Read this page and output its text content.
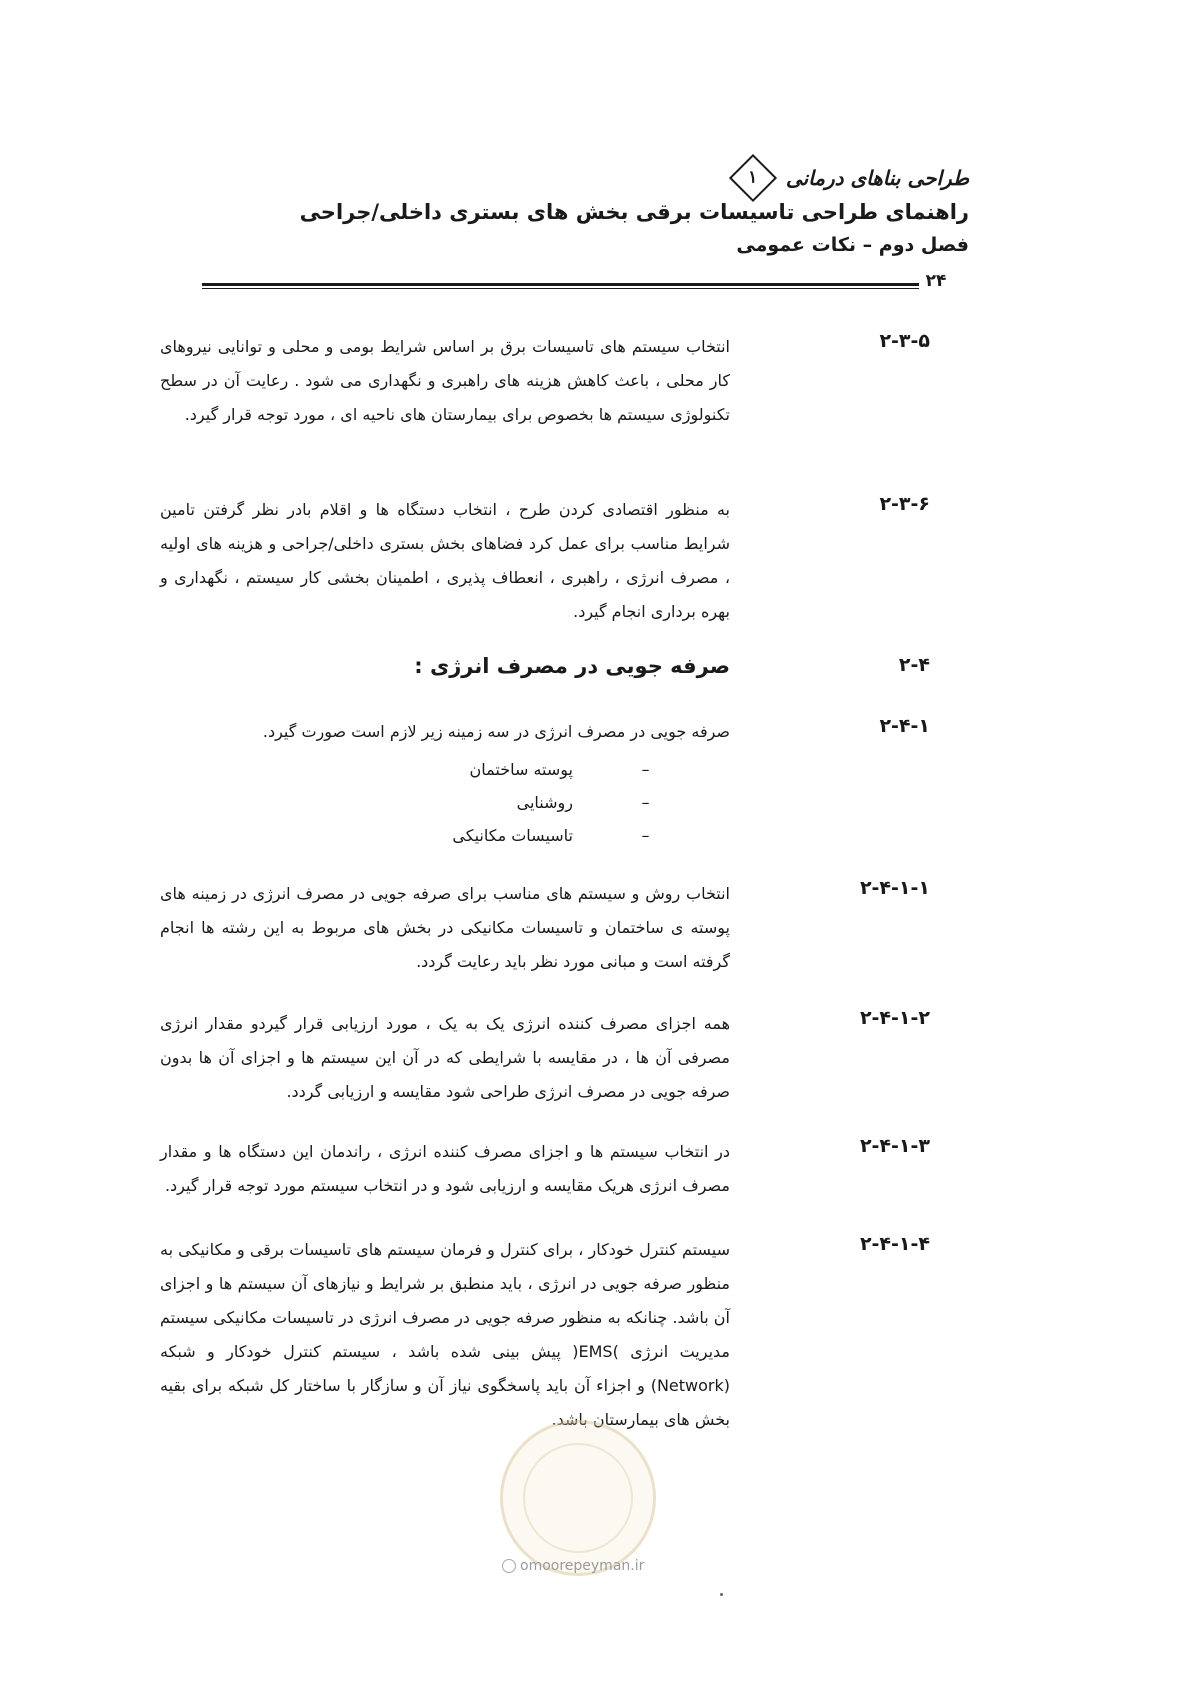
طراحی بناهای درمانی
۱
راهنمای طراحی تاسیسات برقی بخش های بستری داخلی/جراحی
فصل دوم – نکات عمومی
۲۴
۲-۳-۵
انتخاب سیستم های تاسیسات برق بر اساس شرایط بومی و محلی و توانایی نیروهای کار محلی ، باعث کاهش هزینه های راهبری و نگهداری می شود . رعایت آن در سطح تکنولوژی سیستم ها بخصوص برای بیمارستان های ناحیه ای ، مورد توجه قرار گیرد.
۲-۳-۶
به منظور اقتصادی کردن طرح ، انتخاب دستگاه ها و اقلام بادر نظر گرفتن تامین شرایط مناسب برای عمل کرد فضاهای بخش بستری داخلی/جراحی و هزینه های اولیه ، مصرف انرژی ، راهبری ، انعطاف پذیری ، اطمینان بخشی کار سیستم ، نگهداری و بهره برداری انجام گیرد.
۲-۴
صرفه جویی در مصرف انرژی :
۲-۴-۱
صرفه جویی در مصرف انرژی در سه زمینه زیر لازم است صورت گیرد.
–
پوسته ساختمان
–
روشنایی
–
تاسیسات مکانیکی
۲-۴-۱-۱
انتخاب روش و سیستم های مناسب برای صرفه جویی در مصرف انرژی در زمینه های پوسته ی ساختمان و تاسیسات مکانیکی در بخش های مربوط به این رشته ها انجام گرفته است و مبانی مورد نظر باید رعایت گردد.
۲-۴-۱-۲
همه اجزای مصرف کننده انرژی یک به یک ، مورد ارزیابی قرار گیردو مقدار انرژی مصرفی آن ها ، در مقایسه با شرایطی که در آن این سیستم ها و اجزای آن ها بدون صرفه جویی در مصرف انرژی طراحی شود مقایسه و ارزیابی گردد.
۲-۴-۱-۳
در انتخاب سیستم ها و اجزای مصرف کننده انرژی ، راندمان این دستگاه ها و مقدار مصرف انرژی هریک مقایسه و ارزیابی شود و در انتخاب سیستم مورد توجه قرار گیرد.
۲-۴-۱-۴
سیستم کنترل خودکار ، برای کنترل و فرمان سیستم های تاسیسات برقی و مکانیکی به منظور صرفه جویی در انرژی ، باید منطبق بر شرایط و نیازهای آن سیستم ها و اجزای آن باشد. چنانکه به منظور صرفه جویی در مصرف انرژی در تاسیسات مکانیکی سیستم مدیریت انرژی )EMS( پیش بینی شده باشد ، سیستم کنترل خودکار و شبکه (Network) و اجزاء آن باید پاسخگوی نیاز آن و سازگار با ساختار کل شبکه برای بقیه بخش های بیمارستان باشد.
omoorepeyman.ir
